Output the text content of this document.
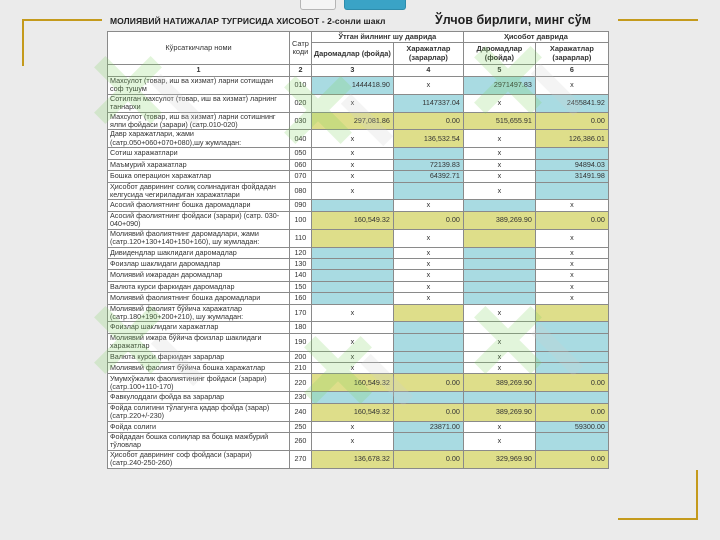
МОЛИЯВИЙ НАТИЖАЛАР ТУГРИСИДА ХИСОБОТ - 2-сонли шакл	Ўлчов бирлиги, минг сўм
Кўрсаткичлар номи	Сатр коди	Ўтган йилнинг шу даврида		Ҳисобот даврида	
		Даромадлар (фойда)	Харажатлар (зарарлар)	Даромадлар (фойда)	Харажатлар (зарарлар)
1	2	3	4	5	6
Махсулот (товар, иш ва хизмат) ларни сотишдан соф тушум	010	1444418.90	x	2971497.83	x
Сотилган махсулот (товар, иш ва хизмат) ларнинг таннархи	020	x	1147337.04	x	2455841.92
Махсулот (товар, иш ва хизмат) ларни сотишнинг ялпи фойдаси (зарари) (сатр.010-020)	030	297,081.86	0.00	515,655.91	0.00
Давр харажатлари, жами (сатр.050+060+070+080),шу жумладан:	040	x	136,532.54	x	126,386.01
Сотиш харажатлари	050	x		x	
Маъмурий харажатлар	060	x	72139.83	x	94894.03
Бошка операцион харажатлар	070	x	64392.71	x	31491.98
Ҳисобот даврининг солиқ солинадиган фойдадан келгусида чегириладиган харажатлари	080	x		x	
Асосий фаолиятнинг бошка даромадлари	090		x		x
Асосий фаолиятнинг фойдаси (зарари) (сатр. 030-040+090)	100	160,549.32	0.00	389,269.90	0.00
Молиявий фаолиятнинг даромадлари, жами (сатр.120+130+140+150+160), шу жумладан:	110		x		x
Дивидендлар шаклидаги даромадлар	120		x		x
Фоизлар шаклидаги даромадлар	130		x		x
Молиявий ижарадан даромадлар	140		x		x
Валюта курси фаркидан даромадлар	150		x		x
Молиявий фаолиятнинг бошка даромадлари	160		x		x
Молиявий фаолият бўйича харажатлар (сатр.180+190+200+210), шу жумладан:	170	x		x	
Фоизлар шаклидаги харажатлар	180				
Молиявий ижара бўйича фоизлар шаклидаги харажатлар	190	x		x	
Валюта курси фаркидан зарарлар	200	x		x	
Молиявий фаолият бўйича бошка харажатлар	210	x		x	
Умумхўжалик фаолиятининг фойдаси (зарари) (сатр.100+110-170)	220	160,549.32	0.00	389,269.90	0.00
Фавкулоддаги фойда ва зарарлар	230				
Фойда солигини тўлагунга қадар фойда (зарар) (сатр.220+/-230)	240	160,549.32	0.00	389,269.90	0.00
Фойда солиги	250	x	23871.00	x	59300.00
Фойдадан бошка солиқлар ва бошқа мажбурий тўловлар	260	x		x	
Ҳисобот даврининг соф фойдаси (зарари) (сатр.240-250-260)	270	136,678.32	0.00	329,969.90	0.00
